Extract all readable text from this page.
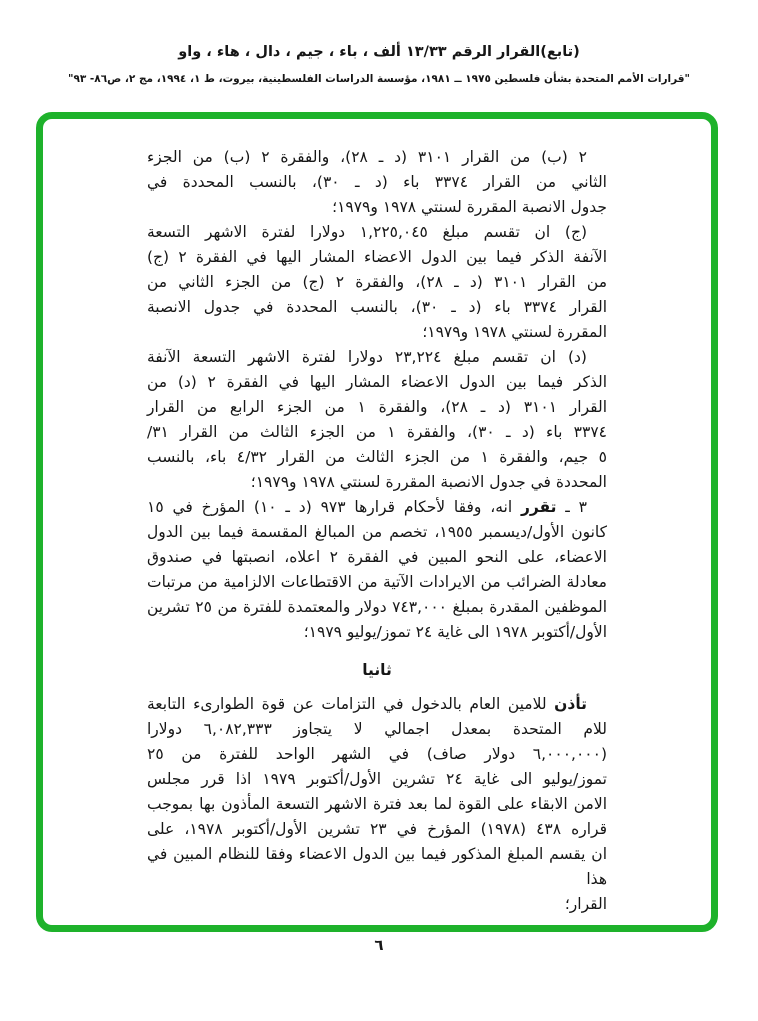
(تابع)القرار الرقم ١٣/٣٣ ألف ، باء ، جيم ، دال ، هاء ، واو
"قرارات الأمم المتحدة بشأن فلسطين ١٩٧٥ ــ ١٩٨١، مؤسسة الدراسات الفلسطينية، بيروت، ط ١، ١٩٩٤، مج ٢، ص٨٦- ٩٣"
٢ (ب) من القرار ٣١٠١ (د ـ ٢٨)، والفقرة ٢ (ب) من الجزء
الثاني من القرار ٣٣٧٤ باء (د ـ ٣٠)، بالنسب المحددة في
جدول الانصبة المقررة لسنتي ١٩٧٨ و١٩٧٩؛
(ج) ان تقسم مبلغ ١,٢٢٥,٠٤٥ دولارا لفترة الاشهر التسعة
الآنفة الذكر فيما بين الدول الاعضاء المشار اليها في الفقرة ٢ (ج)
من القرار ٣١٠١ (د ـ ٢٨)، والفقرة ٢ (ج) من الجزء الثاني من
القرار ٣٣٧٤ باء (د ـ ٣٠)، بالنسب المحددة في جدول الانصبة
المقررة لسنتي ١٩٧٨ و١٩٧٩؛
(د) ان تقسم مبلغ ٢٣,٢٢٤ دولارا لفترة الاشهر التسعة الآنفة
الذكر فيما بين الدول الاعضاء المشار اليها في الفقرة ٢ (د) من
القرار ٣١٠١ (د ـ ٢٨)، والفقرة ١ من الجزء الرابع من القرار
٣٣٧٤ باء (د ـ ٣٠)، والفقرة ١ من الجزء الثالث من القرار ٣١/
٥ جيم، والفقرة ١ من الجزء الثالث من القرار ٤/٣٢ باء، بالنسب
المحددة في جدول الانصبة المقررة لسنتي ١٩٧٨ و١٩٧٩؛
٣ ـ تقرر انه، وفقا لأحكام قرارها ٩٧٣ (د ـ ١٠) المؤرخ في ١٥
كانون الأول/ديسمبر ١٩٥٥، تخصم من المبالغ المقسمة فيما بين الدول
الاعضاء، على النحو المبين في الفقرة ٢ اعلاه، انصبتها في صندوق
معادلة الضرائب من الايرادات الآتية من الاقتطاعات الالزامية من مرتبات
الموظفين المقدرة بمبلغ ٧٤٣,٠٠٠ دولار والمعتمدة للفترة من ٢٥ تشرين
الأول/أكتوبر ١٩٧٨ الى غاية ٢٤ تموز/يوليو ١٩٧٩؛
ثانيا
تأذن للامين العام بالدخول في التزامات عن قوة الطوارىء التابعة
للام المتحدة بمعدل اجمالي لا يتجاوز ٦,٠٨٢,٣٣٣ دولارا
(٦,٠٠٠,٠٠٠ دولار صاف) في الشهر الواحد للفترة من ٢٥
تموز/يوليو الى غاية ٢٤ تشرين الأول/أكتوبر ١٩٧٩ اذا قرر مجلس
الامن الابقاء على القوة لما بعد فترة الاشهر التسعة المأذون بها بموجب
قراره ٤٣٨ (١٩٧٨) المؤرخ في ٢٣ تشرين الأول/أكتوبر ١٩٧٨، على
ان يقسم المبلغ المذكور فيما بين الدول الاعضاء وفقا للنظام المبين في هذا
القرار؛
٦
